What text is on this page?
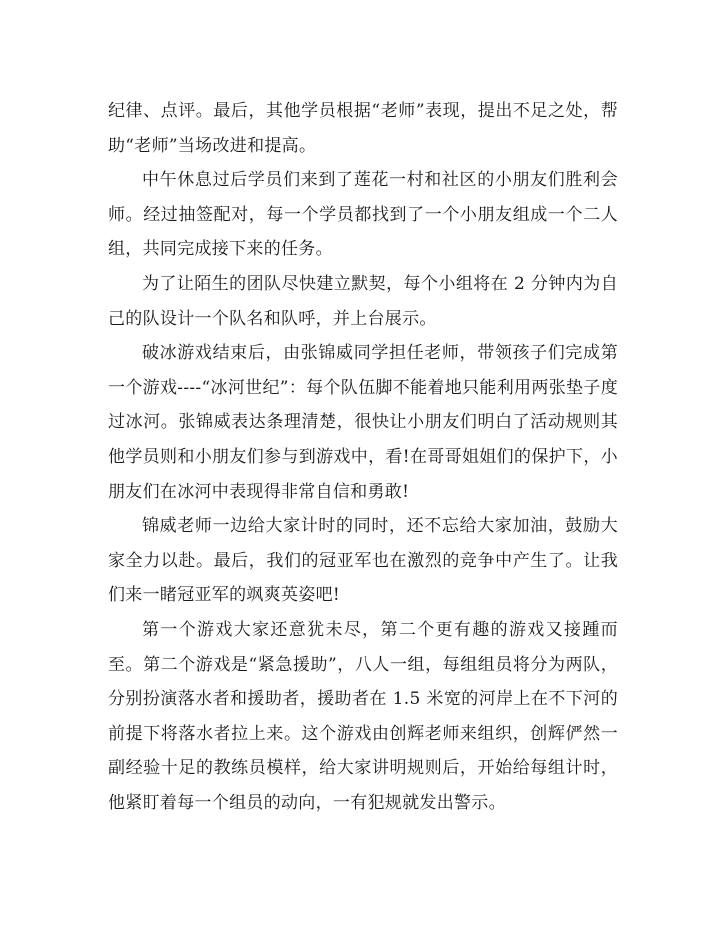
纪律、点评。最后，其他学员根据“老师”表现，提出不足之处，帮助“老师”当场改进和提高。

中午休息过后学员们来到了莲花一村和社区的小朋友们胜利会师。经过抽签配对，每一个学员都找到了一个小朋友组成一个二人组，共同完成接下来的任务。

为了让陌生的团队尽快建立默契，每个小组将在 2 分钟内为自己的队设计一个队名和队呼，并上台展示。

破冰游戏结束后，由张锦威同学担任老师，带领孩子们完成第一个游戏----“冰河世纪”：每个队伍脚不能着地只能利用两张垫子度过冰河。张锦威表达条理清楚，很快让小朋友们明白了活动规则其他学员则和小朋友们参与到游戏中，看!在哥哥姐姐们的保护下，小朋友们在冰河中表现得非常自信和勇敢!

锦威老师一边给大家计时的同时，还不忘给大家加油，鼓励大家全力以赴。最后，我们的冠亚军也在激烈的竞争中产生了。让我们来一睹冠亚军的飒爽英姿吧!

第一个游戏大家还意犹未尽，第二个更有趣的游戏又接踵而至。第二个游戏是“紧急援助”，八人一组，每组组员将分为两队，分别扮演落水者和援助者，援助者在 1.5 米宽的河岸上在不下河的前提下将落水者拉上来。这个游戏由创辉老师来组织，创辉俨然一副经验十足的教练员模样，给大家讲明规则后，开始给每组计时，他紧盯着每一个组员的动向，一有犯规就发出警示。
